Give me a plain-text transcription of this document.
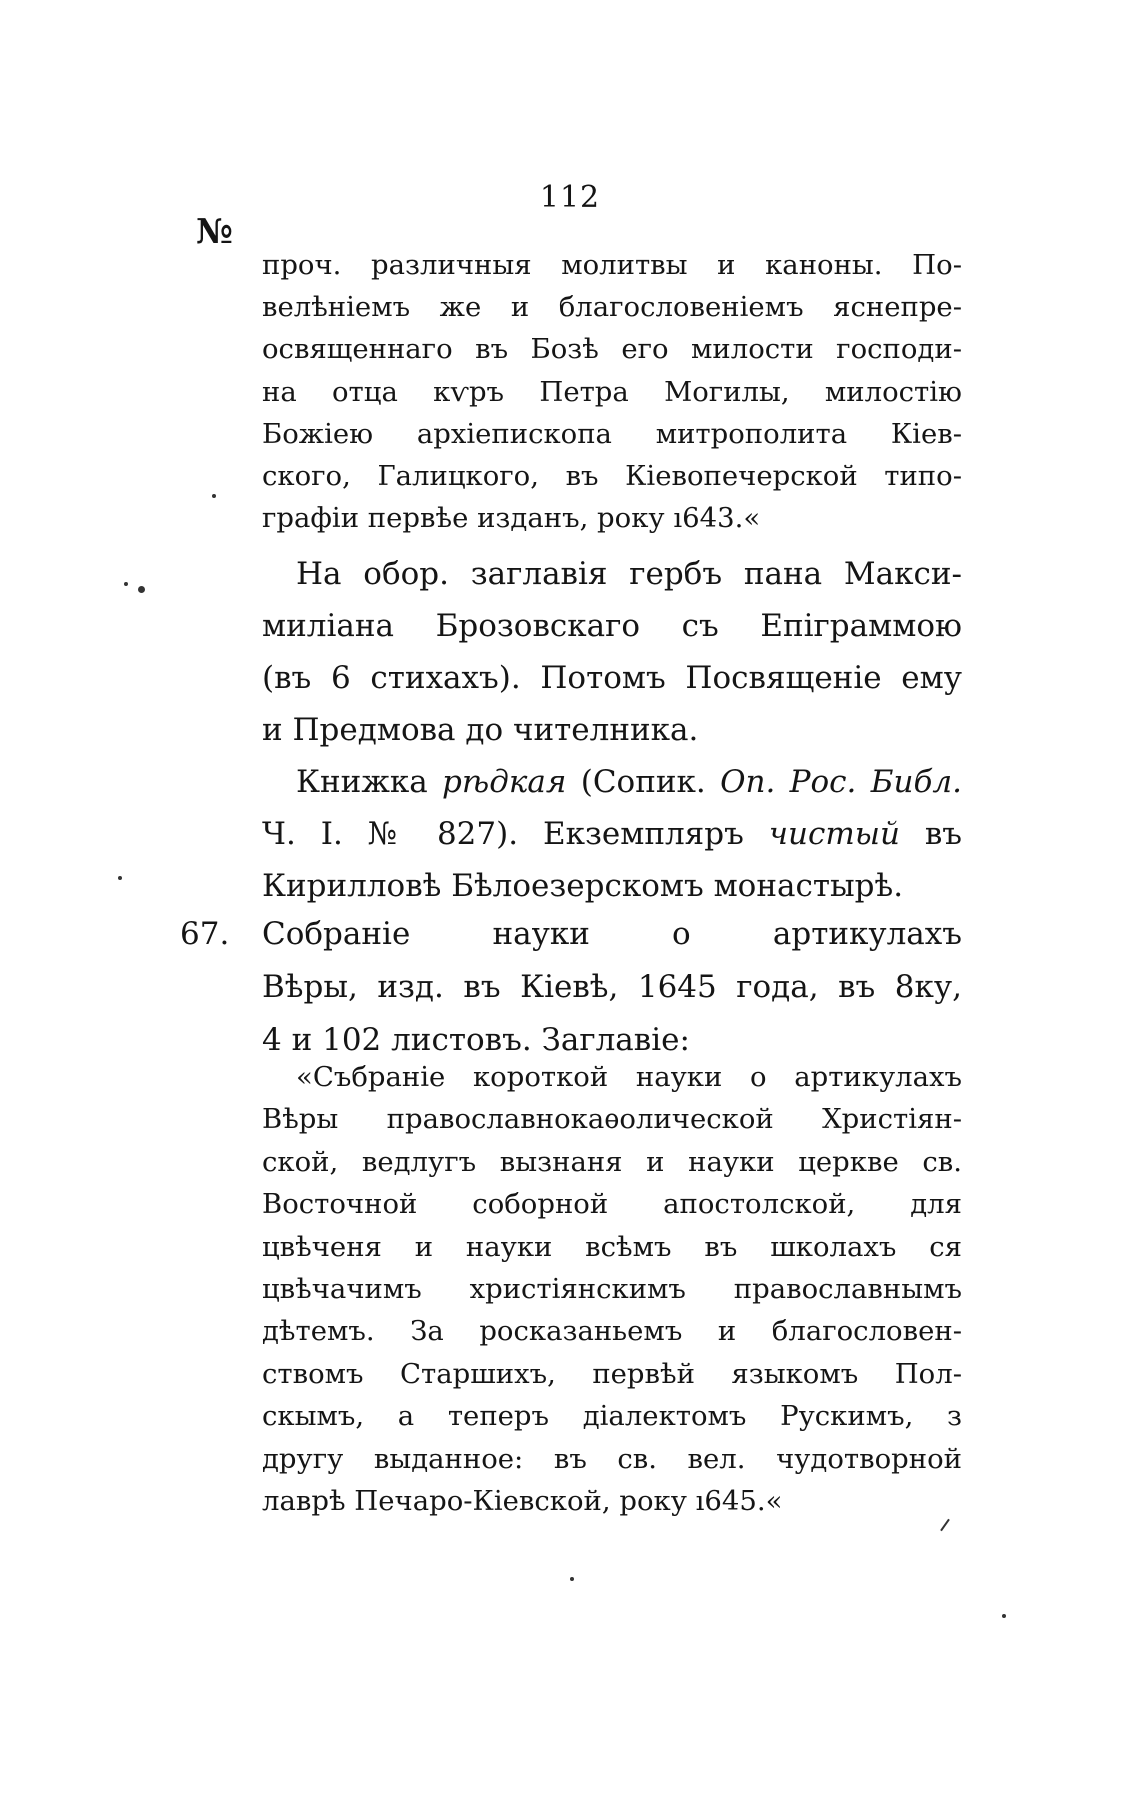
112
№
проч. различныя молитвы и каноны. По-
велѣніемъ же и благословеніемъ яснепре-
освященнаго въ Бозѣ его милости господи-
на отца кѵръ Петра Могилы, милостію
Божіею архіепископа митрополита Кіев-
ского, Галицкого, въ Кіевопечерской типо-
графіи первѣе изданъ, року ı643.«
На обор. заглавія гербъ пана Макси-
миліана Брозовскаго съ Епіграммою
(въ 6 стихахъ). Потомъ Посвященіе ему
и Предмова до чителника.
Книжка рѣдкая (Сопик. Оп. Рос. Библ.
Ч. I. № 827). Екземпляръ чистый въ
Кирилловѣ Бѣлоезерскомъ монастырѣ.
67. Собраніе науки о артикулахъ
Вѣры, изд. въ Кіевѣ, 1645 года, въ 8ку,
4 и 102 листовъ. Заглавіе:
«Събраніе короткой науки о артикулахъ
Вѣры православнокаѳолической Христіян-
ской, ведлугъ вызнаня и науки церкве св.
Восточной соборной апостолской, для
цвѣченя и науки всѣмъ въ школахъ ся
цвѣчачимъ христіянскимъ православнымъ
дѣтемъ. За росказаньемъ и благословен-
ствомъ Старшихъ, первѣй языкомъ Пол-
скымъ, а теперъ діалектомъ Рускимъ, з
другу выданное: въ св. вел. чудотворной
лаврѣ Печаро-Кіевской, року ı645.«
